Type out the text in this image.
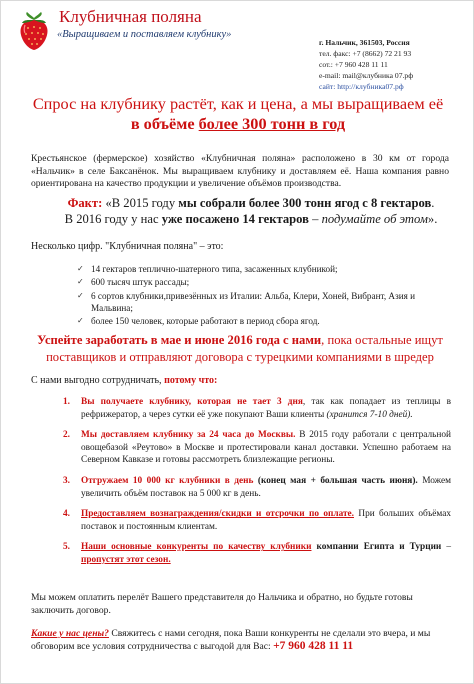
Клубничная поляна
«Выращиваем и поставляем клубнику»
г. Нальчик, 361503, Россия
тел. факс: +7 (8662) 72 21 93
сот.: +7 960 428 11 11
e-mail: mail@клубника 07.рф
сайт: http://клубника07.рф
Спрос на клубнику растёт, как и цена, а мы выращиваем её
в объёме более 300 тонн в год
Крестьянское (фермерское) хозяйство «Клубничная поляна» расположено в 30 км от города «Нальчик» в селе Баксанёнок. Мы выращиваем клубнику и доставляем её. Наша компания равно ориентирована на качество продукции и увеличение объёмов производства.
Факт: «В 2015 году мы собрали более 300 тонн ягод с 8 гектаров.
В 2016 году у нас уже посажено 14 гектаров – подумайте об этом».
Несколько цифр. "Клубничная поляна" – это:
✓ 14 гектаров теплично-шатерного типа, засаженных клубникой;
✓ 600 тысяч штук рассады;
✓ 6 сортов клубники,привезённых из Италии: Альба, Клери, Хоней, Вибрант, Азия и Мальвина;
✓ более 150 человек, которые работают в период сбора ягод.
Успейте заработать в мае и июне 2016 года с нами, пока остальные ищут поставщиков и отправляют договора с турецкими компаниями в шредер
С нами выгодно сотрудничать, потому что:
1. Вы получаете клубнику, которая не тает 3 дня, так как попадает из теплицы в рефрижератор, а через сутки её уже покупают Ваши клиенты (хранится 7-10 дней).
2. Мы доставляем клубнику за 24 часа до Москвы. В 2015 году работали с центральной овощебазой «Реутово» в Москве и протестировали канал доставки. Успешно работаем на Северном Кавказе и готовы рассмотреть близлежащие регионы.
3. Отгружаем 10 000 кг клубники в день (конец мая + большая часть июня). Можем увеличить объём поставок на 5 000 кг в день.
4. Предоставляем вознаграждения/скидки и отсрочки по оплате. При больших объёмах поставок и постоянным клиентам.
5. Наши основные конкуренты по качеству клубники компании Египта и Турции – пропустят этот сезон.
Мы можем оплатить перелёт Вашего представителя до Нальчика и обратно, но будьте готовы заключить договор.
Какие у нас цены? Свяжитесь с нами сегодня, пока Ваши конкуренты не сделали это вчера, и мы обговорим все условия сотрудничества с выгодой для Вас: +7 960 428 11 11
